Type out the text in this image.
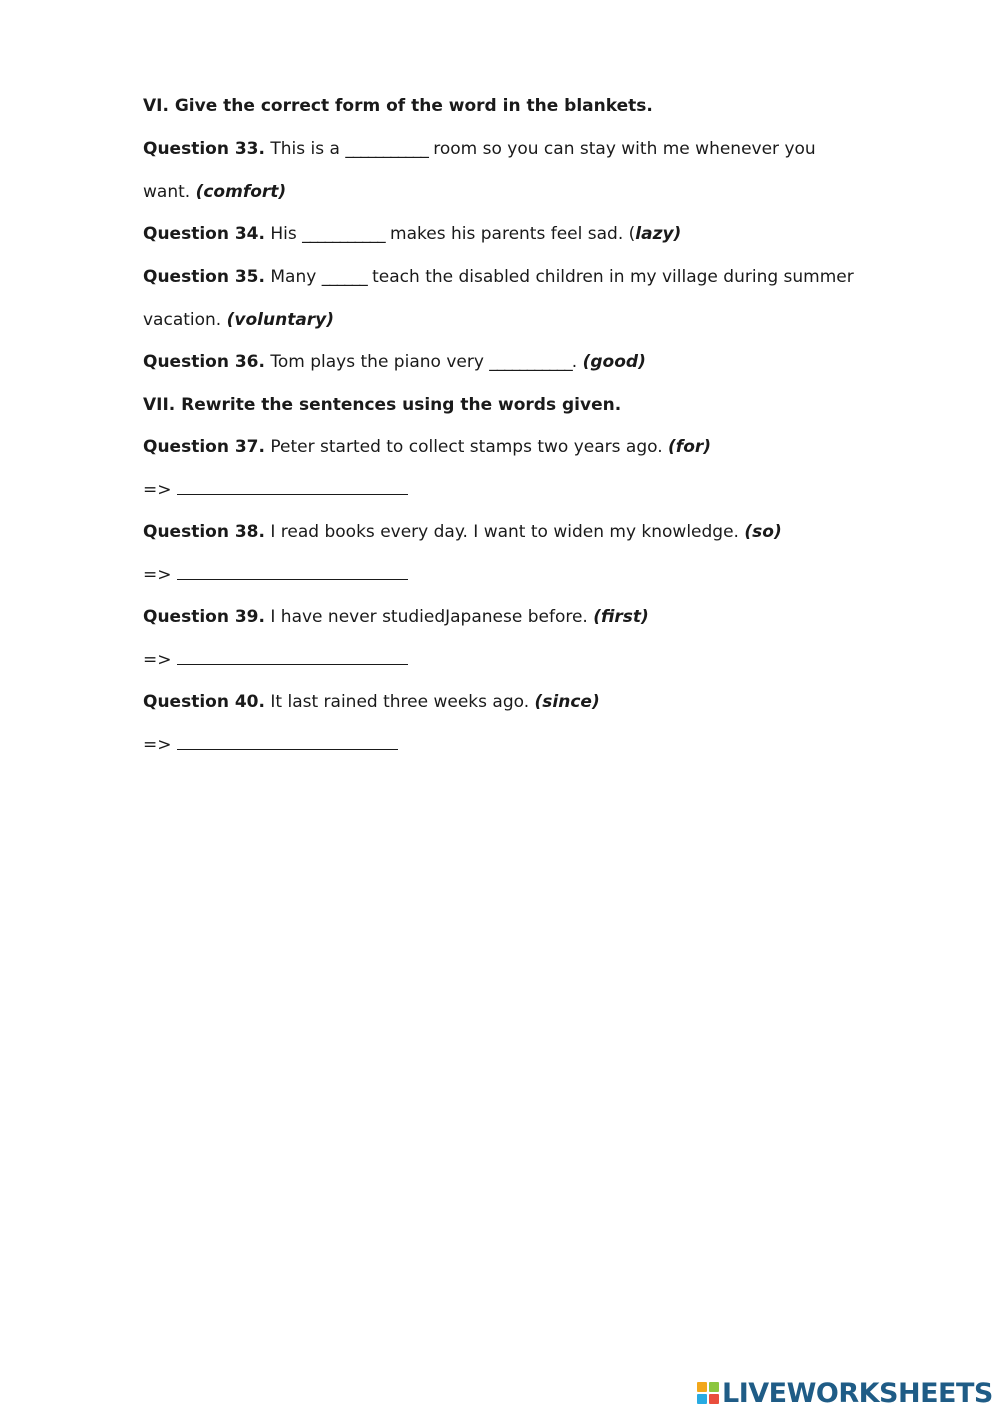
VI. Give the correct form of the word in the blankets.
Question 33. This is a ___________ room so you can stay with me whenever you
want. (comfort)
Question 34. His ___________ makes his parents feel sad. (lazy)
Question 35. Many ______ teach the disabled children in my village during summer
vacation. (voluntary)
Question 36. Tom plays the piano very ___________. (good)
VII. Rewrite the sentences using the words given.
Question 37. Peter started to collect stamps two years ago. (for)
=>
Question 38. I read books every day. I want to widen my knowledge. (so)
=>
Question 39. I have never studiedJapanese before. (first)
=>
Question 40. It last rained three weeks ago. (since)
=>
LIVEWORKSHEETS
